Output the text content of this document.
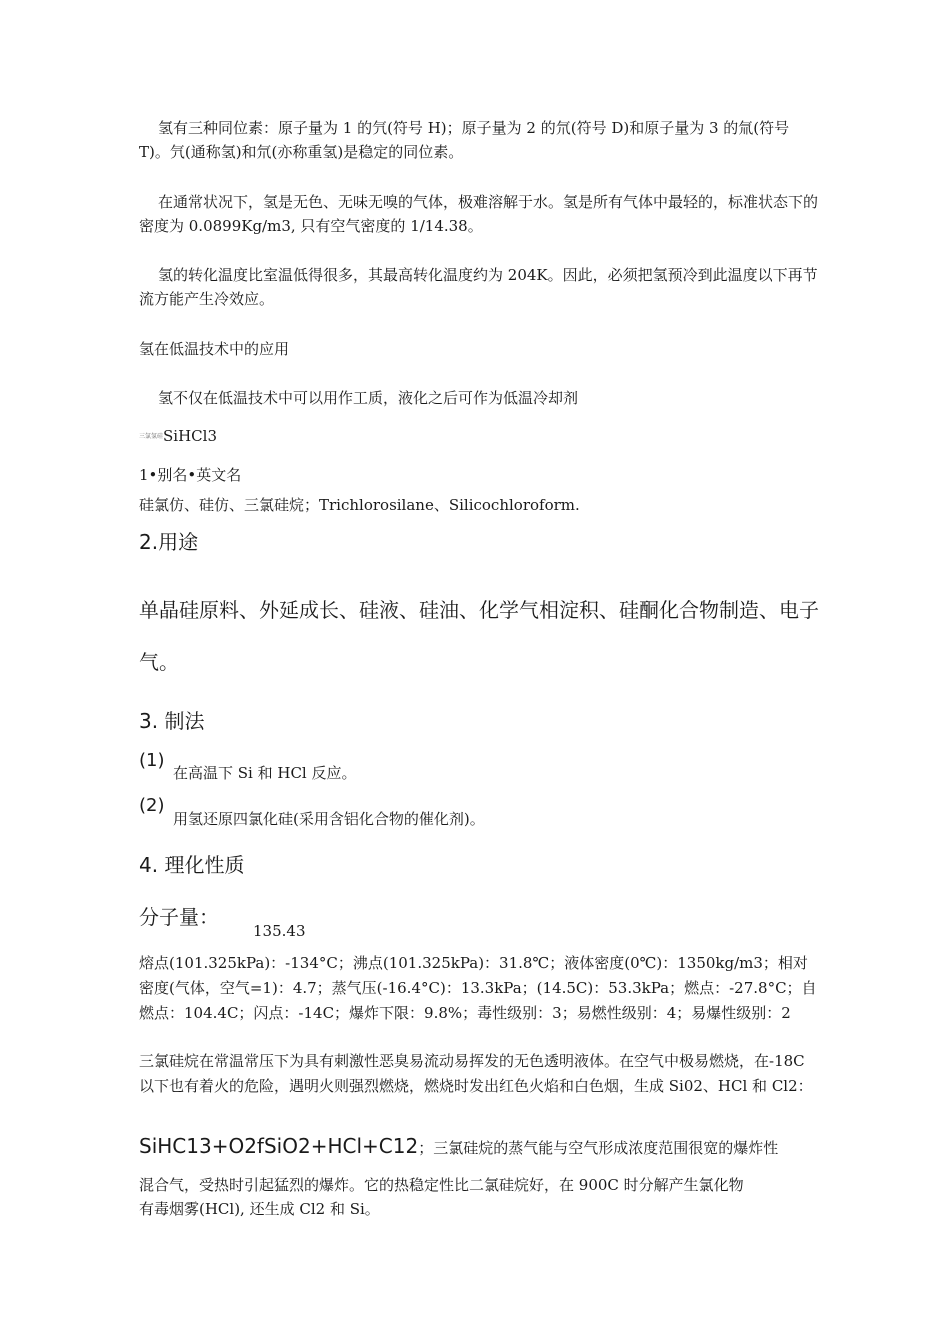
氢有三种同位素：原子量为 1 的氕(符号 H)；原子量为 2 的氘(符号 D)和原子量为 3 的氚(符号 T)。氕(通称氢)和氘(亦称重氢)是稳定的同位素。

在通常状况下，氢是无色、无味无嗅的气体，极难溶解于水。氢是所有气体中最轻的，标准状态下的密度为 0.0899Kg/m3, 只有空气密度的 1/14.38。

氢的转化温度比室温低得很多，其最高转化温度约为 204K。因此，必须把氢预冷到此温度以下再节流方能产生冷效应。

氢在低温技术中的应用

氢不仅在低温技术中可以用作工质，液化之后可作为低温冷却剂

三氯氢硅SiHCl3

1•别名•英文名

硅氯仿、硅仿、三氯硅烷；Trichlorosilane、Silicochloroform.

2.用途

单晶硅原料、外延成长、硅液、硅油、化学气相淀积、硅酮化合物制造、电子气。

3. 制法

(1)
在高温下 Si 和 HCl 反应。
(2)
用氢还原四氯化硅(采用含铝化合物的催化剂)。

4. 理化性质

分子量：
135.43

熔点(101.325kPa)：-134°C；沸点(101.325kPa)：31.8℃；液体密度(0℃)：1350kg/m3；相对密度(气体，空气=1)：4.7；蒸气压(-16.4°C)：13.3kPa；(14.5C)：53.3kPa；燃点：-27.8°C；自燃点：104.4C；闪点：-14C；爆炸下限：9.8%；毒性级别：3；易燃性级别：4；易爆性级别：2

三氯硅烷在常温常压下为具有刺激性恶臭易流动易挥发的无色透明液体。在空气中极易燃烧，在-18C 以下也有着火的危险，遇明火则强烈燃烧，燃烧时发出红色火焰和白色烟，生成 Si02、HCl 和 Cl2：

SiHC13+O2fSiO2+HCl+C12；三氯硅烷的蒸气能与空气形成浓度范围很宽的爆炸性

混合气，受热时引起猛烈的爆炸。它的热稳定性比二氯硅烷好，在 900C 时分解产生氯化物

有毒烟雾(HCl), 还生成 Cl2 和 Si。
